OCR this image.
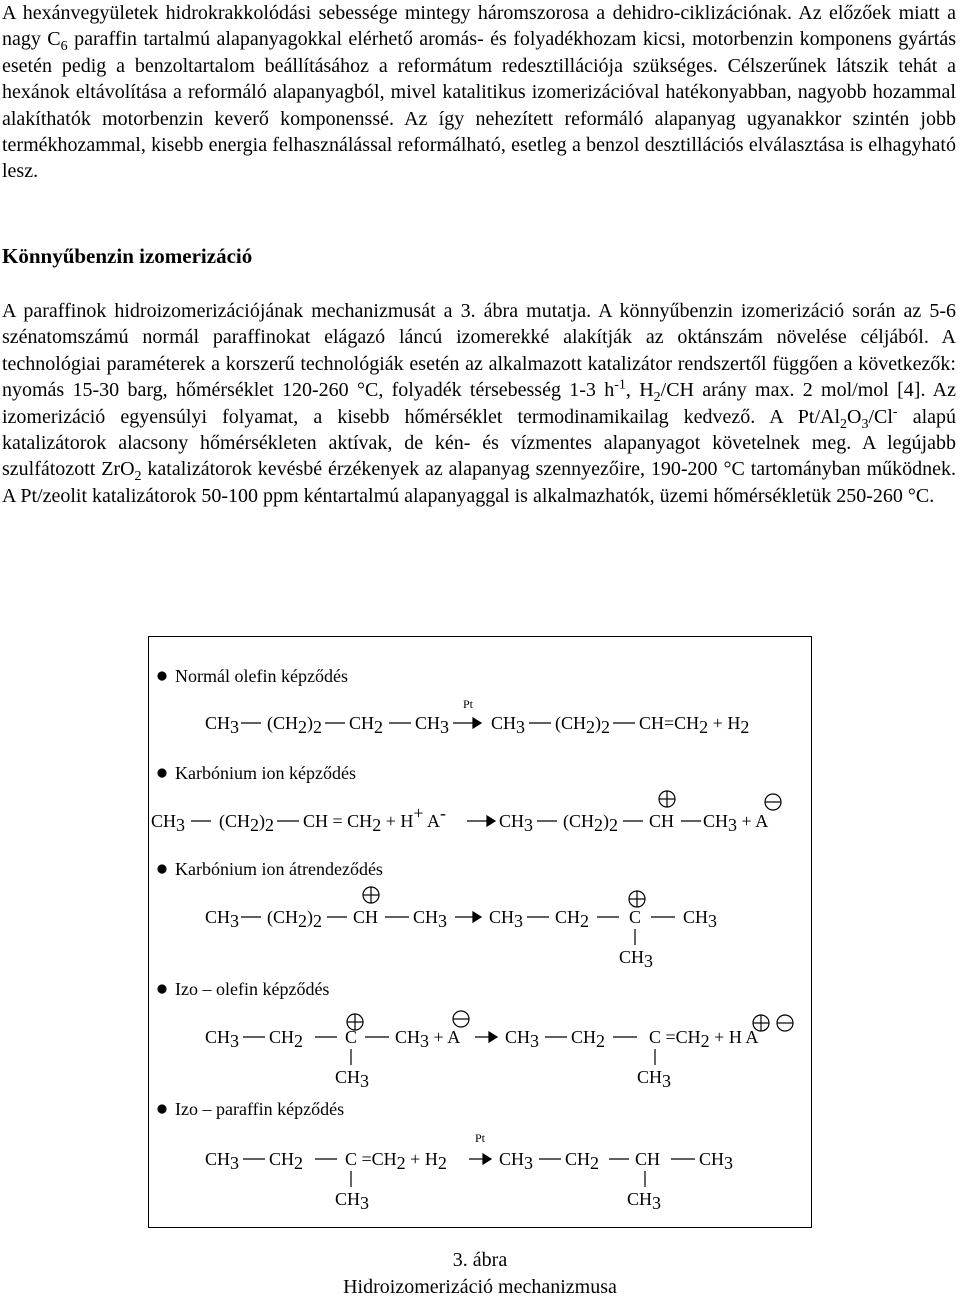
A hexánvegyületek hidrokrakkolódási sebessége mintegy háromszorosa a dehidro-ciklizációnak. Az előzőek miatt a nagy $C_6$ paraffin tartalmú alapanyagokkal elérhető aromás- és folyadékhozam kicsi, motorbenzin komponens gyártás esetén pedig a benzoltartalom beállításához a reformátum redesztillációja szükséges. Célszerűnek látszik tehát a hexánok eltávolítása a reformáló alapanyagból, mivel katalitikus izomerizációval hatékonyabban, nagyobb hozammal alakíthatók motorbenzin keverő komponenssé. Az így nehezített reformáló alapanyag ugyanakkor szintén jobb termékhozammal, kisebb energia felhasználással reformálható, esetleg a benzol desztillációs elválasztása is elhagyható lesz.

Könnyűbenzin izomerizáció

A paraffinok hidroizomerizációjának mechanizmusát a 3. ábra mutatja. A könnyűbenzin izomerizáció során az 5-6 szénatomszámú normál paraffinokat elágazó láncú izomerekké alakítják az oktánszám növelése céljából. A technológiai paraméterek a korszerű technológiák esetén az alkalmazott katalizátor rendszertől függően a következők: nyomás 15-30 barg, hőmérséklet 120-260 °C, folyadék térsebesség 1-3 $h^{-1}$, $H_2/CH$ arány max. 2 mol/mol [4]. Az izomerizáció egyensúlyi folyamat, a kisebb hőmérséklet termodinamikailag kedvező. A $Pt/Al_2O_3/Cl^-$ alapú katalizátorok alacsony hőmérsékleten aktívak, de kén- és vízmentes alapanyagot követelnek meg. A legújabb szulfátozott ZrO$_2$ katalizátorok kevésbé érzékenyek az alapanyag szennyezőire, 190-200 °C tartományban működnek. A Pt/zeolit katalizátorok 50-100 ppm kéntartalmú alapanyaggal is alkalmazhatók, üzemi hőmérsékletük 250-260 °C.

Normál olefin képződés
CH3 (CH2)2 CH2 CH3
Pt
CH3 (CH2)2 CH=CH2 + H2
Karbónium ion képződés
CH3 (CH2)2 CH = CH2 + H+ A-	CH3 (CH2)2 CH CH3 + A
Karbónium ion átrendeződés
CH3 (CH2)2 CH CH3 CH3 CH2 C CH3
CH3
Izo – olefin képződés
CH3 CH2 C CH3 + A CH3 CH2 C =CH2 + H A
CH3	CH3
Izo – paraffin képződés
CH3 CH2 C =CH2 + H2
Pt
CH3 CH2 CH CH3
CH3	CH3

3. ábra

Hidroizomerizáció mechanizmusa
